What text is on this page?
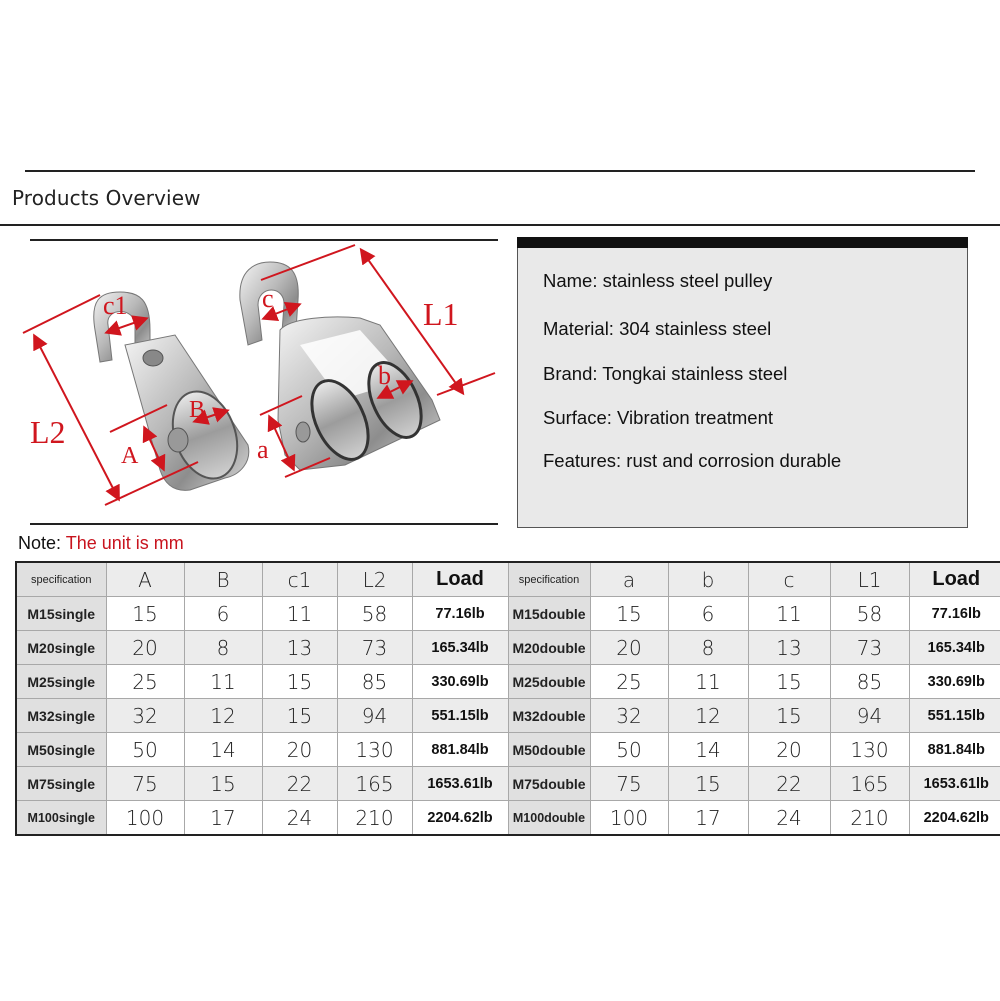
Products Overview
c1
B
A
L2
c
b
a
L1
Name: stainless steel pulley
Material: 304 stainless steel
Brand: Tongkai stainless steel
Surface: Vibration treatment
Features: rust and corrosion durable
Note: The unit is mm
specification	A	B	c1	L2	Load	specification	a	b	c	L1	Load
M15single	15	6	11	58	77.16lb	M15double	15	6	11	58	77.16lb
M20single	20	8	13	73	165.34lb	M20double	20	8	13	73	165.34lb
M25single	25	11	15	85	330.69lb	M25double	25	11	15	85	330.69lb
M32single	32	12	15	94	551.15lb	M32double	32	12	15	94	551.15lb
M50single	50	14	20	130	881.84lb	M50double	50	14	20	130	881.84lb
M75single	75	15	22	165	1653.61lb	M75double	75	15	22	165	1653.61lb
M100single	100	17	24	210	2204.62lb	M100double	100	17	24	210	2204.62lb
